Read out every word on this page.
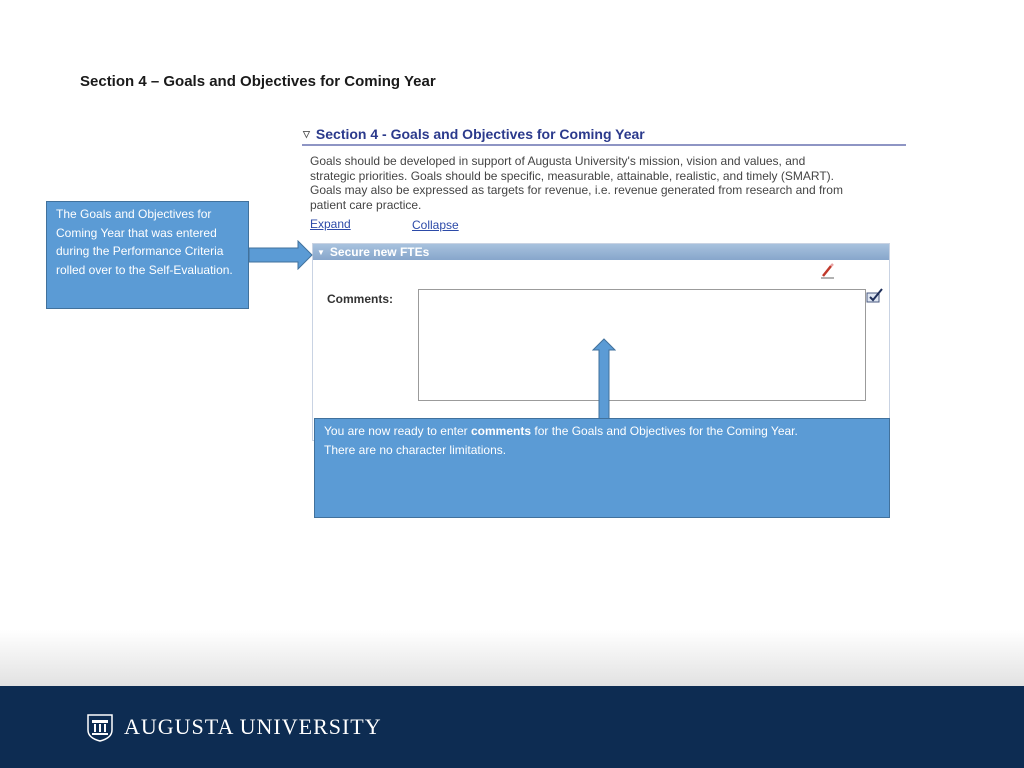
Section 4 – Goals and Objectives for Coming Year
▽ Section 4 - Goals and Objectives for Coming Year
Goals should be developed in support of Augusta University's mission, vision and values, and strategic priorities. Goals should be specific, measurable, attainable, realistic, and timely (SMART). Goals may also be expressed as targets for revenue, i.e. revenue generated from research and from patient care practice.
Expand	Collapse
▼ Secure new FTEs
Comments:
The Goals and Objectives for Coming Year that was entered during the Performance Criteria rolled over to the Self-Evaluation.
You are now ready to enter comments for the Goals and Objectives for the Coming Year.
There are no character limitations.
AUGUSTA UNIVERSITY
